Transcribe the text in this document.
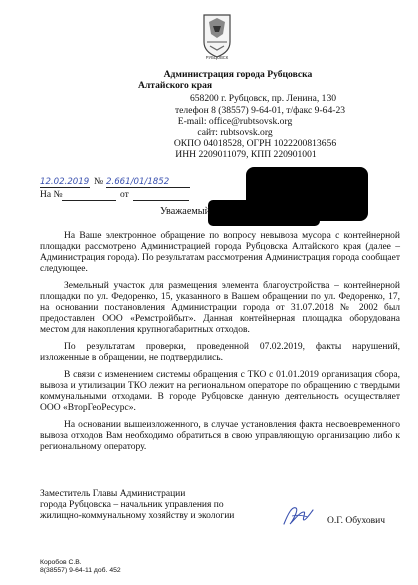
РУБЦОВСК
Администрация города Рубцовска
Алтайского края
658200 г. Рубцовск, пр. Ленина, 130
телефон 8 (38557) 9-64-01, т/факс 9-64-23
E-mail: office@rubtsovsk.org
сайт: rubtsovsk.org
ОКПО 04018528, ОГРН 1022200813656
ИНН 2209011079, КПП 220901001
12.02.2019 № 2.661/01/1852
На №	от
Уважаемый

На Ваше электронное обращение по вопросу невывоза мусора с контейнерной площадки рассмотрено Администрацией города Рубцовска Алтайского края (далее – Администрация города). По результатам рассмотрения Администрация города сообщает следующее.

Земельный участок для размещения элемента благоустройства – контейнерной площадки по ул. Федоренко, 15, указанного в Вашем обращении по ул. Федоренко, 17, на основании постановления Администрации города от 31.07.2018 № 2002 был предоставлен ООО «Ремстройбыт». Данная контейнерная площадка оборудована местом для накопления крупногабаритных отходов.

По результатам проверки, проведенной 07.02.2019, факты нарушений, изложенные в обращении, не подтвердились.

В связи с изменением системы обращения с ТКО с 01.01.2019 организация сбора, вывоза и утилизации ТКО лежит на региональном операторе по обращению с твердыми коммунальными отходами. В городе Рубцовске данную деятельность осуществляет ООО «ВторГеоРесурс».

На основании вышеизложенного, в случае установления факта несвоевременного вывоза отходов Вам необходимо обратиться в свою управляющую организацию либо к региональному оператору.

Заместитель Главы Администрации
города Рубцовска – начальник управления по
жилищно-коммунальному хозяйству и экологии	О.Г. Обухович
Коробов С.В.
8(38557) 9-64-11 доб. 452
